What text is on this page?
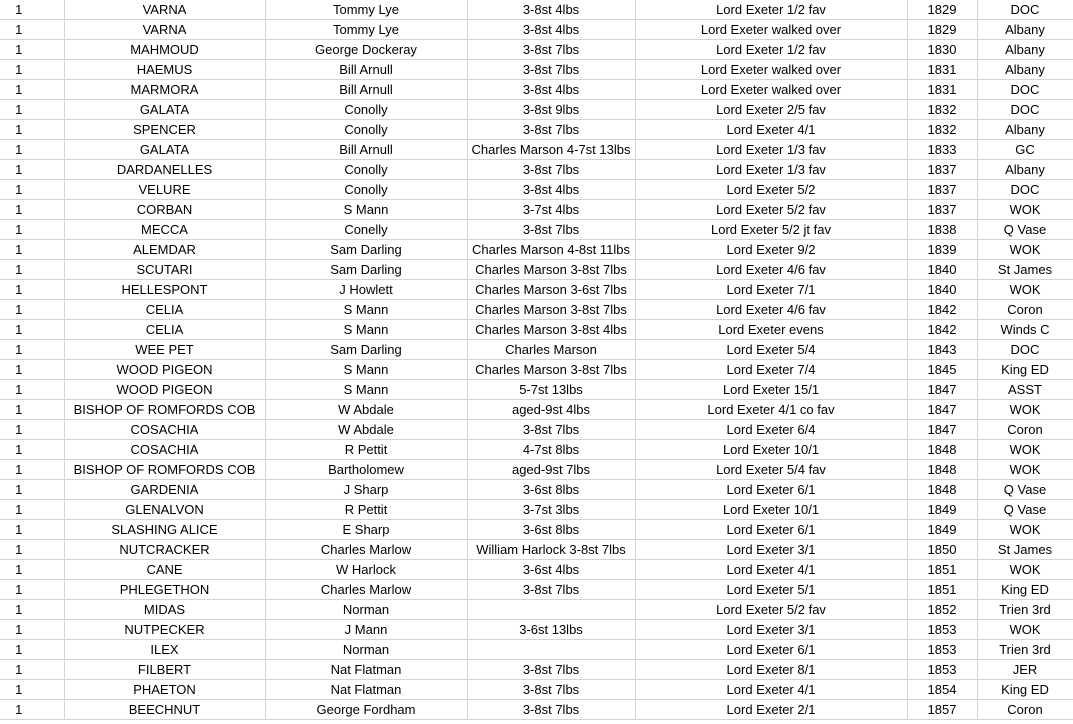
1	VARNA	Tommy Lye	3-8st 4lbs	Lord Exeter 1/2 fav	1829	DOC
1	VARNA	Tommy Lye	3-8st 4lbs	Lord Exeter walked over	1829	Albany
1	MAHMOUD	George Dockeray	3-8st 7lbs	Lord Exeter 1/2 fav	1830	Albany
1	HAEMUS	Bill Arnull	3-8st 7lbs	Lord Exeter walked over	1831	Albany
1	MARMORA	Bill Arnull	3-8st 4lbs	Lord Exeter walked over	1831	DOC
1	GALATA	Conolly	3-8st 9lbs	Lord Exeter 2/5 fav	1832	DOC
1	SPENCER	Conolly	3-8st 7lbs	Lord Exeter 4/1	1832	Albany
1	GALATA	Bill Arnull	Charles Marson 4-7st 13lbs	Lord Exeter 1/3 fav	1833	GC
1	DARDANELLES	Conolly	3-8st 7lbs	Lord Exeter 1/3 fav	1837	Albany
1	VELURE	Conolly	3-8st 4lbs	Lord Exeter 5/2	1837	DOC
1	CORBAN	S Mann	3-7st 4lbs	Lord Exeter 5/2 fav	1837	WOK
1	MECCA	Conelly	3-8st 7lbs	Lord Exeter 5/2 jt fav	1838	Q Vase
1	ALEMDAR	Sam Darling	Charles Marson 4-8st 11lbs	Lord Exeter 9/2	1839	WOK
1	SCUTARI	Sam Darling	Charles Marson 3-8st 7lbs	Lord Exeter 4/6 fav	1840	St James
1	HELLESPONT	J Howlett	Charles Marson 3-6st 7lbs	Lord Exeter 7/1	1840	WOK
1	CELIA	S Mann	Charles Marson 3-8st 7lbs	Lord Exeter 4/6 fav	1842	Coron
1	CELIA	S Mann	Charles Marson 3-8st 4lbs	Lord Exeter evens	1842	Winds C
1	WEE PET	Sam Darling	Charles Marson	Lord Exeter 5/4	1843	DOC
1	WOOD PIGEON	S Mann	Charles Marson 3-8st 7lbs	Lord Exeter 7/4	1845	King ED
1	WOOD PIGEON	S Mann	5-7st 13lbs	Lord Exeter 15/1	1847	ASST
1	BISHOP OF ROMFORDS COB	W Abdale	aged-9st 4lbs	Lord Exeter 4/1 co fav	1847	WOK
1	COSACHIA	W Abdale	3-8st 7lbs	Lord Exeter 6/4	1847	Coron
1	COSACHIA	R Pettit	4-7st 8lbs	Lord Exeter 10/1	1848	WOK
1	BISHOP OF ROMFORDS COB	Bartholomew	aged-9st 7lbs	Lord Exeter 5/4 fav	1848	WOK
1	GARDENIA	J Sharp	3-6st 8lbs	Lord Exeter 6/1	1848	Q Vase
1	GLENALVON	R Pettit	3-7st 3lbs	Lord Exeter 10/1	1849	Q Vase
1	SLASHING ALICE	E Sharp	3-6st 8lbs	Lord Exeter 6/1	1849	WOK
1	NUTCRACKER	Charles Marlow	William Harlock 3-8st 7lbs	Lord Exeter 3/1	1850	St James
1	CANE	W Harlock	3-6st 4lbs	Lord Exeter 4/1	1851	WOK
1	PHLEGETHON	Charles Marlow	3-8st 7lbs	Lord Exeter 5/1	1851	King ED
1	MIDAS	Norman		Lord Exeter 5/2 fav	1852	Trien 3rd
1	NUTPECKER	J Mann	3-6st 13lbs	Lord Exeter 3/1	1853	WOK
1	ILEX	Norman		Lord Exeter 6/1	1853	Trien 3rd
1	FILBERT	Nat Flatman	3-8st 7lbs	Lord Exeter 8/1	1853	JER
1	PHAETON	Nat Flatman	3-8st 7lbs	Lord Exeter 4/1	1854	King ED
1	BEECHNUT	George Fordham	3-8st 7lbs	Lord Exeter 2/1	1857	Coron
